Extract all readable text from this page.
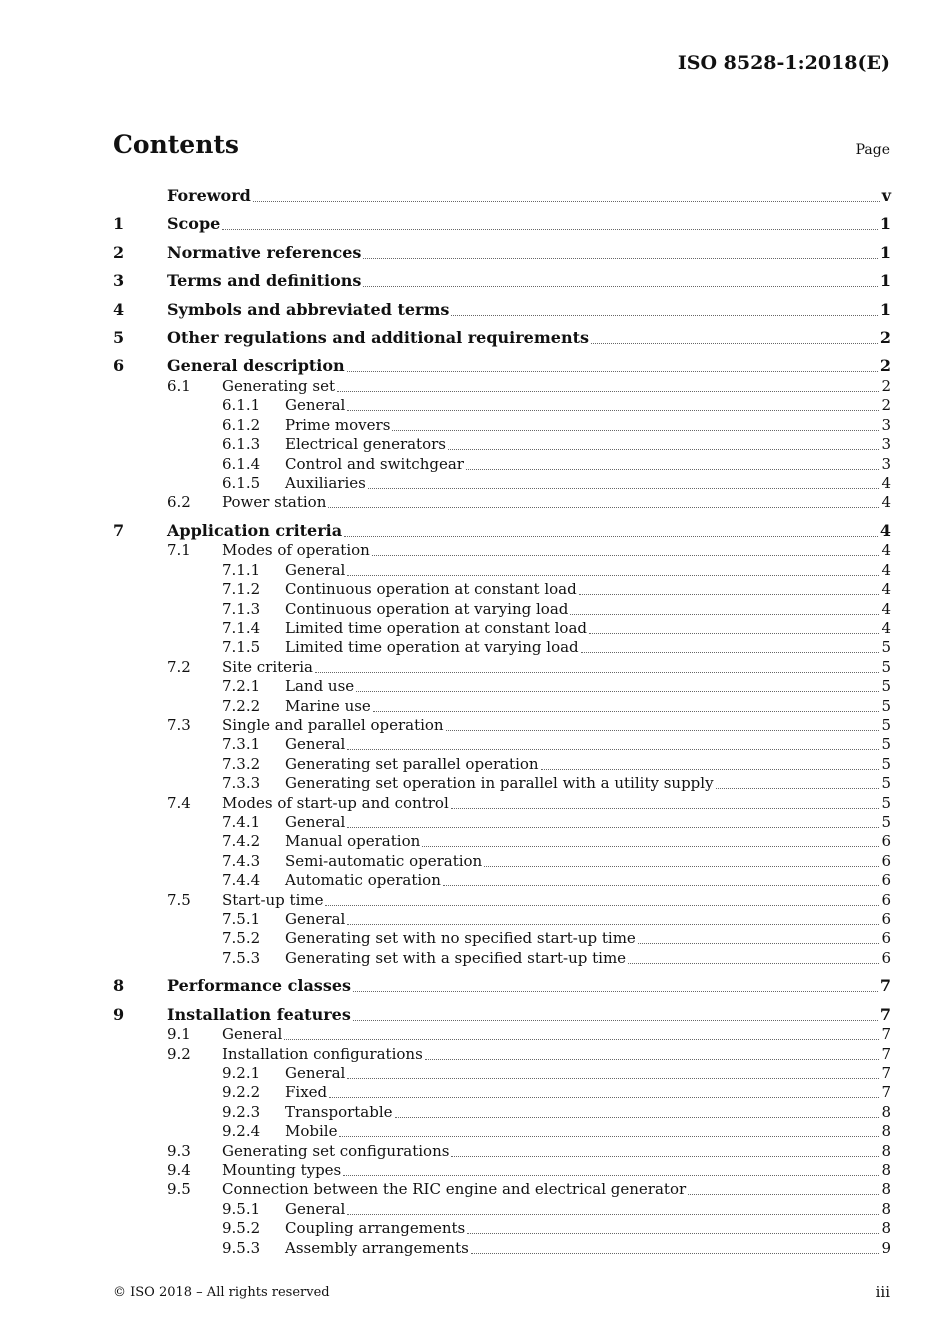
ISO 8528-1:2018(E)
Contents	Page
Foreword	v
1	Scope	1
2	Normative references	1
3	Terms and definitions	1
4	Symbols and abbreviated terms	1
5	Other regulations and additional requirements	2
6	General description	2
6.1	Generating set	2
6.1.1	General	2
6.1.2	Prime movers	3
6.1.3	Electrical generators	3
6.1.4	Control and switchgear	3
6.1.5	Auxiliaries	4
6.2	Power station	4
7	Application criteria	4
7.1	Modes of operation	4
7.1.1	General	4
7.1.2	Continuous operation at constant load	4
7.1.3	Continuous operation at varying load	4
7.1.4	Limited time operation at constant load	4
7.1.5	Limited time operation at varying load	5
7.2	Site criteria	5
7.2.1	Land use	5
7.2.2	Marine use	5
7.3	Single and parallel operation	5
7.3.1	General	5
7.3.2	Generating set parallel operation	5
7.3.3	Generating set operation in parallel with a utility supply	5
7.4	Modes of start-up and control	5
7.4.1	General	5
7.4.2	Manual operation	6
7.4.3	Semi-automatic operation	6
7.4.4	Automatic operation	6
7.5	Start-up time	6
7.5.1	General	6
7.5.2	Generating set with no specified start-up time	6
7.5.3	Generating set with a specified start-up time	6
8	Performance classes	7
9	Installation features	7
9.1	General	7
9.2	Installation configurations	7
9.2.1	General	7
9.2.2	Fixed	7
9.2.3	Transportable	8
9.2.4	Mobile	8
9.3	Generating set configurations	8
9.4	Mounting types	8
9.5	Connection between the RIC engine and electrical generator	8
9.5.1	General	8
9.5.2	Coupling arrangements	8
9.5.3	Assembly arrangements	9
© ISO 2018 – All rights reserved	iii
